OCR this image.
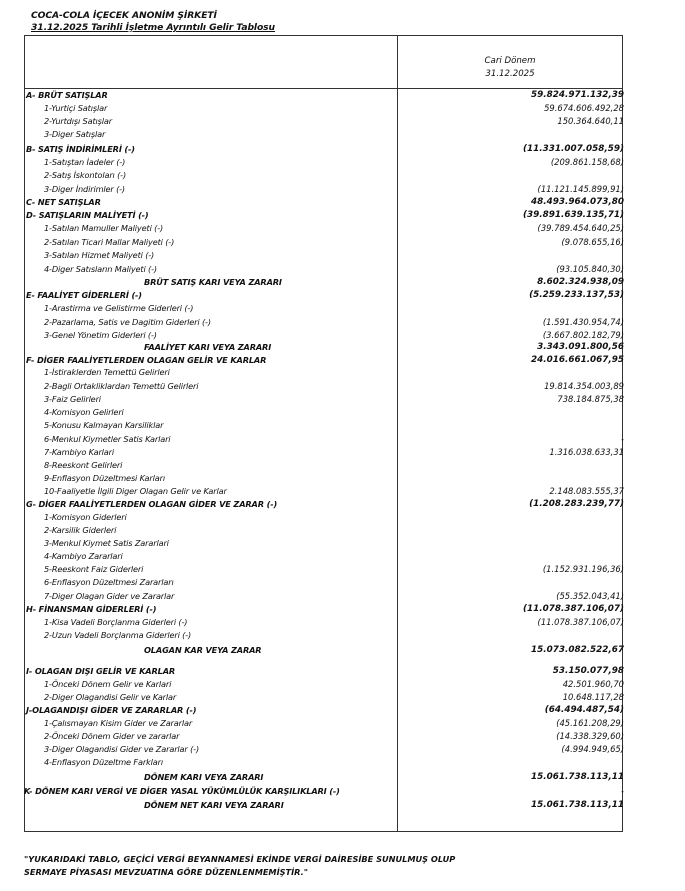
COCA-COLA İÇECEK ANONİM ŞİRKETİ
31.12.2025 Tarihli İşletme Ayrıntılı Gelir Tablosu
Cari Dönem
31.12.2025
A- BRÜT SATIŞLAR	59.824.971.132,39
1-Yurtiçi Satışlar	59.674.606.492,28
2-Yurtdışı Satışlar	150.364.640,11
3-Diger Satışlar
B- SATIŞ İNDİRİMLERİ (-)	(11.331.007.058,59)
1-Satıştan İadeler (-)	(209.861.158,68)
2-Satış İskontoları (-)
3-Diger İndirimler (-)	(11.121.145.899,91)
C- NET SATIŞLAR	48.493.964.073,80
D- SATIŞLARIN MALİYETİ (-)	(39.891.639.135,71)
1-Satılan Mamuller Maliyeti (-)	(39.789.454.640,25)
2-Satılan Ticari Mallar Maliyeti (-)	(9.078.655,16)
3-Satılan Hizmet Maliyeti (-)
4-Diger Satısların Maliyeti (-)	(93.105.840,30)
BRÜT SATIŞ KARI VEYA ZARARI	8.602.324.938,09
E- FAALİYET GİDERLERİ (-)	(5.259.233.137,53)
1-Arastirma ve Gelistirme Giderleri (-)
2-Pazarlama, Satis ve Dagitim Giderleri (-)	(1.591.430.954,74)
3-Genel Yönetim Giderleri (-)	(3.667.802.182,79)
FAALİYET KARI VEYA ZARARI	3.343.091.800,56
F- DİGER FAALİYETLERDEN OLAGAN GELİR VE KARLAR	24.016.661.067,95
1-İstiraklerden Temettü Gelirleri
2-Bagli Ortakliklardan Temettü Gelirleri	19.814.354.003,89
3-Faiz Gelirleri	738.184.875,38
4-Komisyon Gelirleri
5-Konusu Kalmayan Karsiliklar
6-Menkul Kiymetler Satis Karlari	-
7-Kambiyo Karlari	1.316.038.633,31
8-Reeskont Gelirleri
9-Enflasyon Düzeltmesi Karları
10-Faaliyetle İlgili Diger Olagan Gelir ve Karlar	2.148.083.555,37
G- DİGER FAALİYETLERDEN OLAGAN GİDER VE ZARAR (-)	(1.208.283.239,77)
1-Komisyon Giderleri
2-Karsilik Giderleri
3-Menkul Kiymet Satis Zararlari
4-Kambiyo Zararlari
5-Reeskont Faiz Giderleri	(1.152.931.196,36)
6-Enflasyon Düzeltmesi Zararları
7-Diger Olagan Gider ve Zararlar	(55.352.043,41)
H- FİNANSMAN GİDERLERİ (-)	(11.078.387.106,07)
1-Kisa Vadeli Borçlanma Giderleri (-)	(11.078.387.106,07)
2-Uzun Vadeli Borçlanma Giderleri (-)
OLAGAN KAR VEYA ZARAR	15.073.082.522,67
I- OLAGAN DIŞI GELİR VE KARLAR	53.150.077,98
1-Önceki Dönem Gelir ve Karlari	42.501.960,70
2-Diger Olagandisi Gelir ve Karlar	10.648.117,28
J-OLAGANDIŞI GİDER VE ZARARLAR (-)	(64.494.487,54)
1-Çalısmayan Kisim Gider ve Zararlar	(45.161.208,29)
2-Önceki Dönem Gider ve zararlar	(14.338.329,60)
3-Diger Olagandisi Gider ve Zararlar (-)	(4.994.949,65)
4-Enflasyon Düzeltme Farkları
DÖNEM KARI VEYA ZARARI	15.061.738.113,11
K- DÖNEM KARI VERGİ VE DİGER YASAL YÜKÜMLÜLÜK KARŞILIKLARI (-)	-
DÖNEM NET KARI VEYA ZARARI	15.061.738.113,11
"YUKARIDAKİ TABLO, GEÇİCİ VERGİ BEYANNAMESİ EKİNDE VERGİ DAİRESİBE SUNULMUŞ OLUP
SERMAYE PİYASASI MEVZUATINA GÖRE DÜZENLENMEMİŞTİR."
